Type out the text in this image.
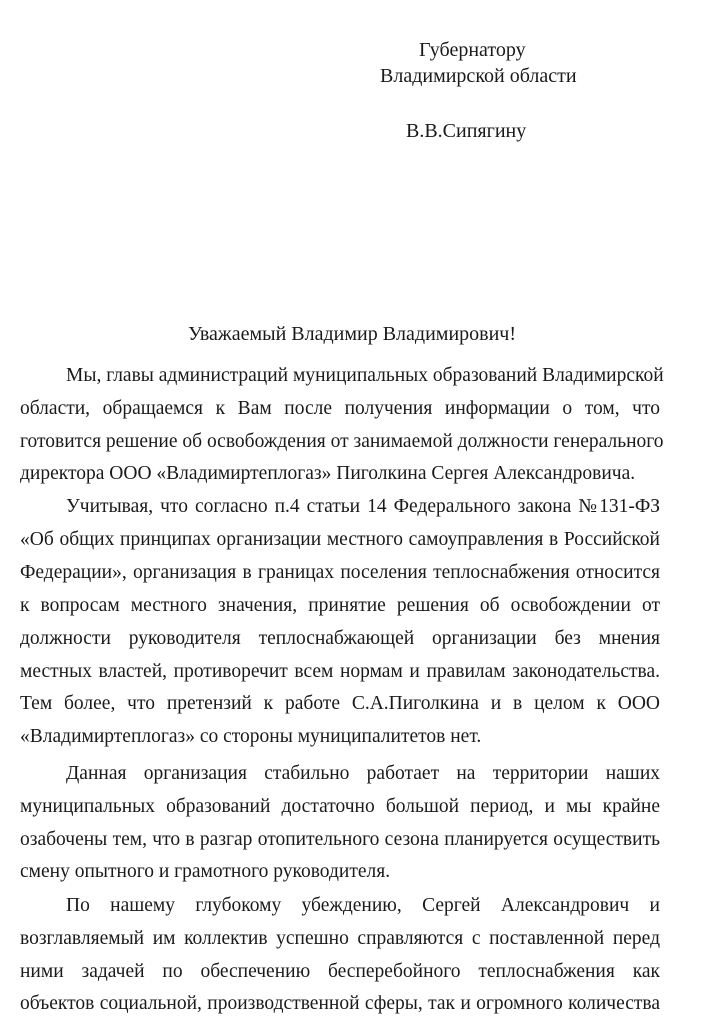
Губернатору
Владимирской области
В.В.Сипягину
Уважаемый Владимир Владимирович!
Мы, главы администраций муниципальных образований Владимирской
области, обращаемся к Вам после получения информации о том, что
готовится решение об освобождения от занимаемой должности генерального
директора ООО «Владимиртеплогаз» Пиголкина Сергея Александровича.
Учитывая, что согласно п.4 статьи 14 Федерального закона №131-ФЗ
«Об общих принципах организации местного самоуправления в Российской
Федерации», организация в границах поселения теплоснабжения относится
к вопросам местного значения, принятие решения об освобождении от
должности руководителя теплоснабжающей организации без мнения
местных властей, противоречит всем нормам и правилам законодательства.
Тем более, что претензий к работе С.А.Пиголкина и в целом к ООО
«Владимиртеплогаз» со стороны муниципалитетов нет.
Данная организация стабильно работает на территории наших
муниципальных образований достаточно большой период, и мы крайне
озабочены тем, что в разгар отопительного сезона планируется осуществить
смену опытного и грамотного руководителя.
По нашему глубокому убеждению, Сергей Александрович и
возглавляемый им коллектив успешно справляются с поставленной перед
ними задачей по обеспечению бесперебойного теплоснабжения как
объектов социальной, производственной сферы, так и огромного количества
